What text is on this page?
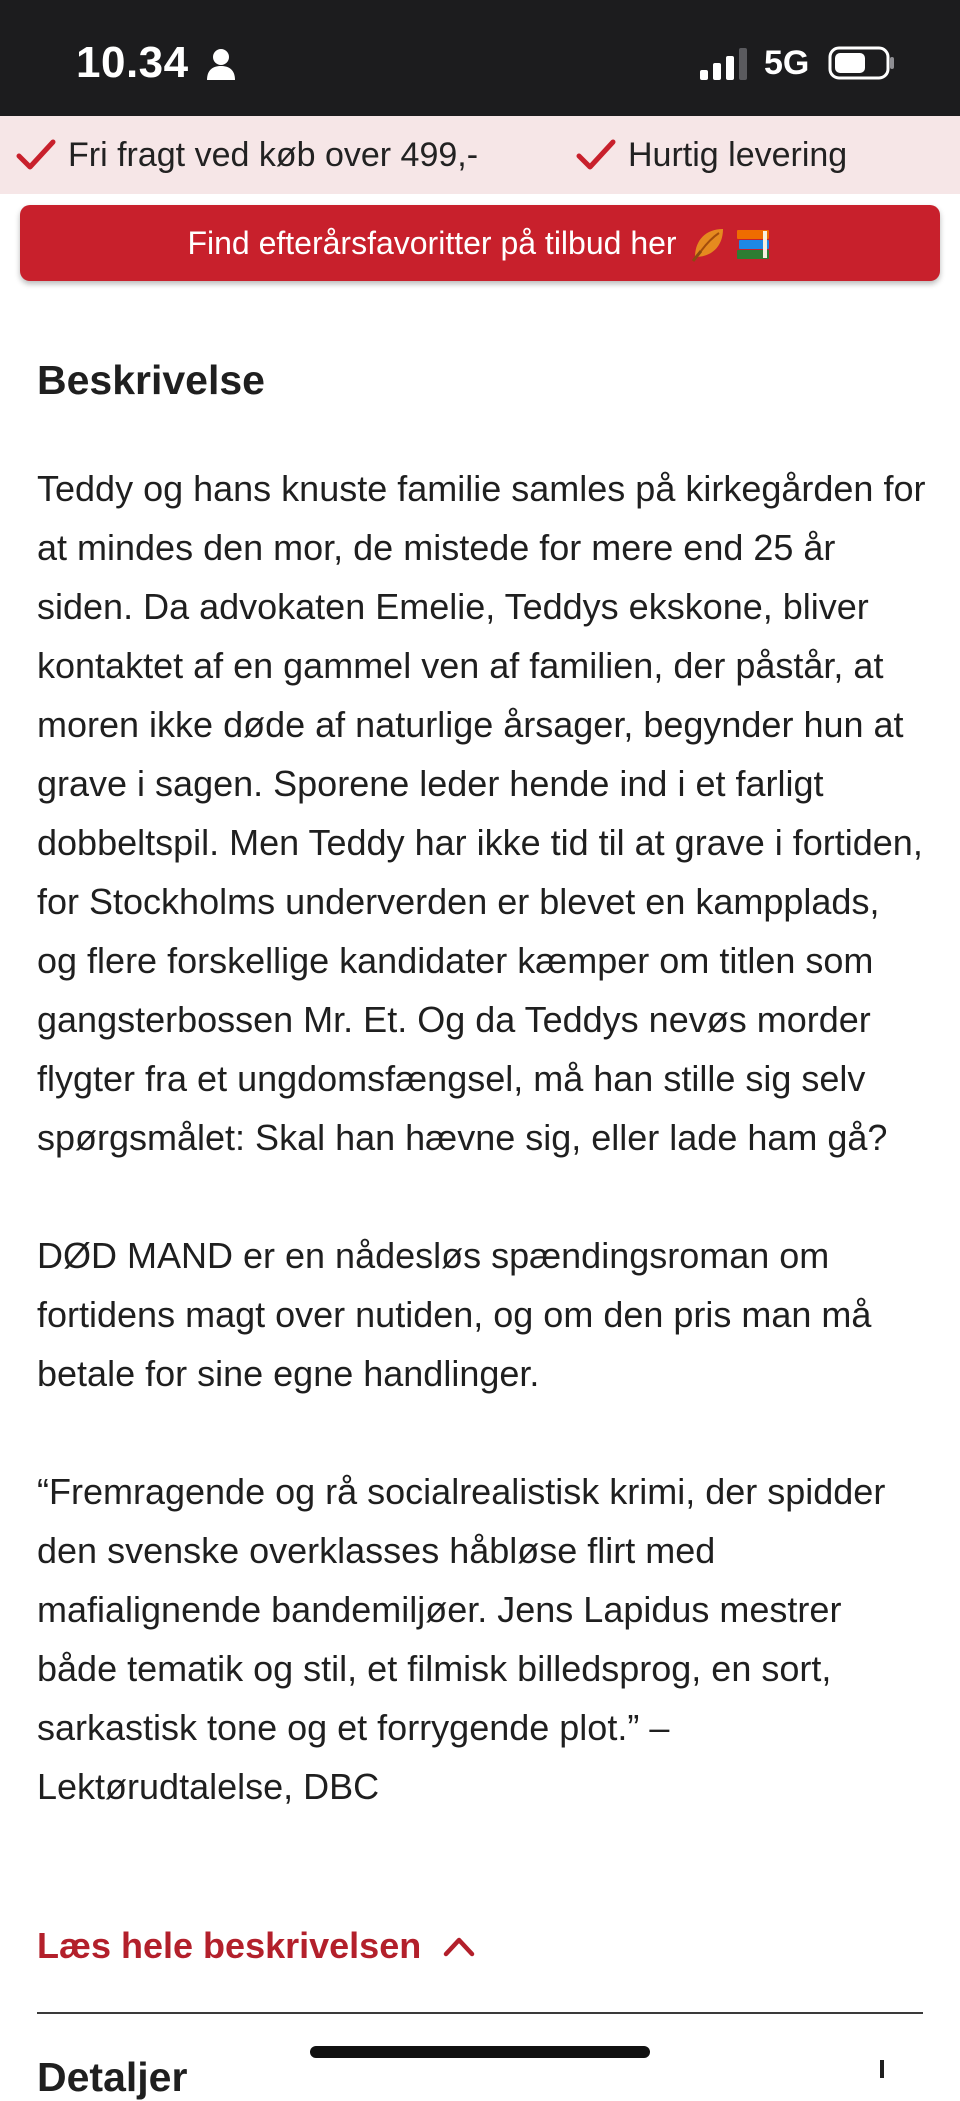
10.34	5G
Fri fragt ved køb over 499,-	Hurtig levering
Find efterårsfavoritter på tilbud her
Beskrivelse

Teddy og hans knuste familie samles på kirkegården for at mindes den mor, de mistede for mere end 25 år siden. Da advokaten Emelie, Teddys ekskone, bliver kontaktet af en gammel ven af familien, der påstår, at moren ikke døde af naturlige årsager, begynder hun at grave i sagen. Sporene leder hende ind i et farligt dobbeltspil. Men Teddy har ikke tid til at grave i fortiden, for Stockholms underverden er blevet en kampplads, og flere forskellige kandidater kæmper om titlen som gangsterbossen Mr. Et. Og da Teddys nevøs morder flygter fra et ungdomsfængsel, må han stille sig selv spørgsmålet: Skal han hævne sig, eller lade ham gå?

DØD MAND er en nådesløs spændingsroman om fortidens magt over nutiden, og om den pris man må betale for sine egne handlinger.

“Fremragende og rå socialrealistisk krimi, der spidder den svenske overklasses håbløse flirt med mafialignende bandemiljøer. Jens Lapidus mestrer både tematik og stil, et filmisk billedsprog, en sort, sarkastisk tone og et forrygende plot.” – Lektørudtalelse, DBC

Læs hele beskrivelsen
Detaljer
